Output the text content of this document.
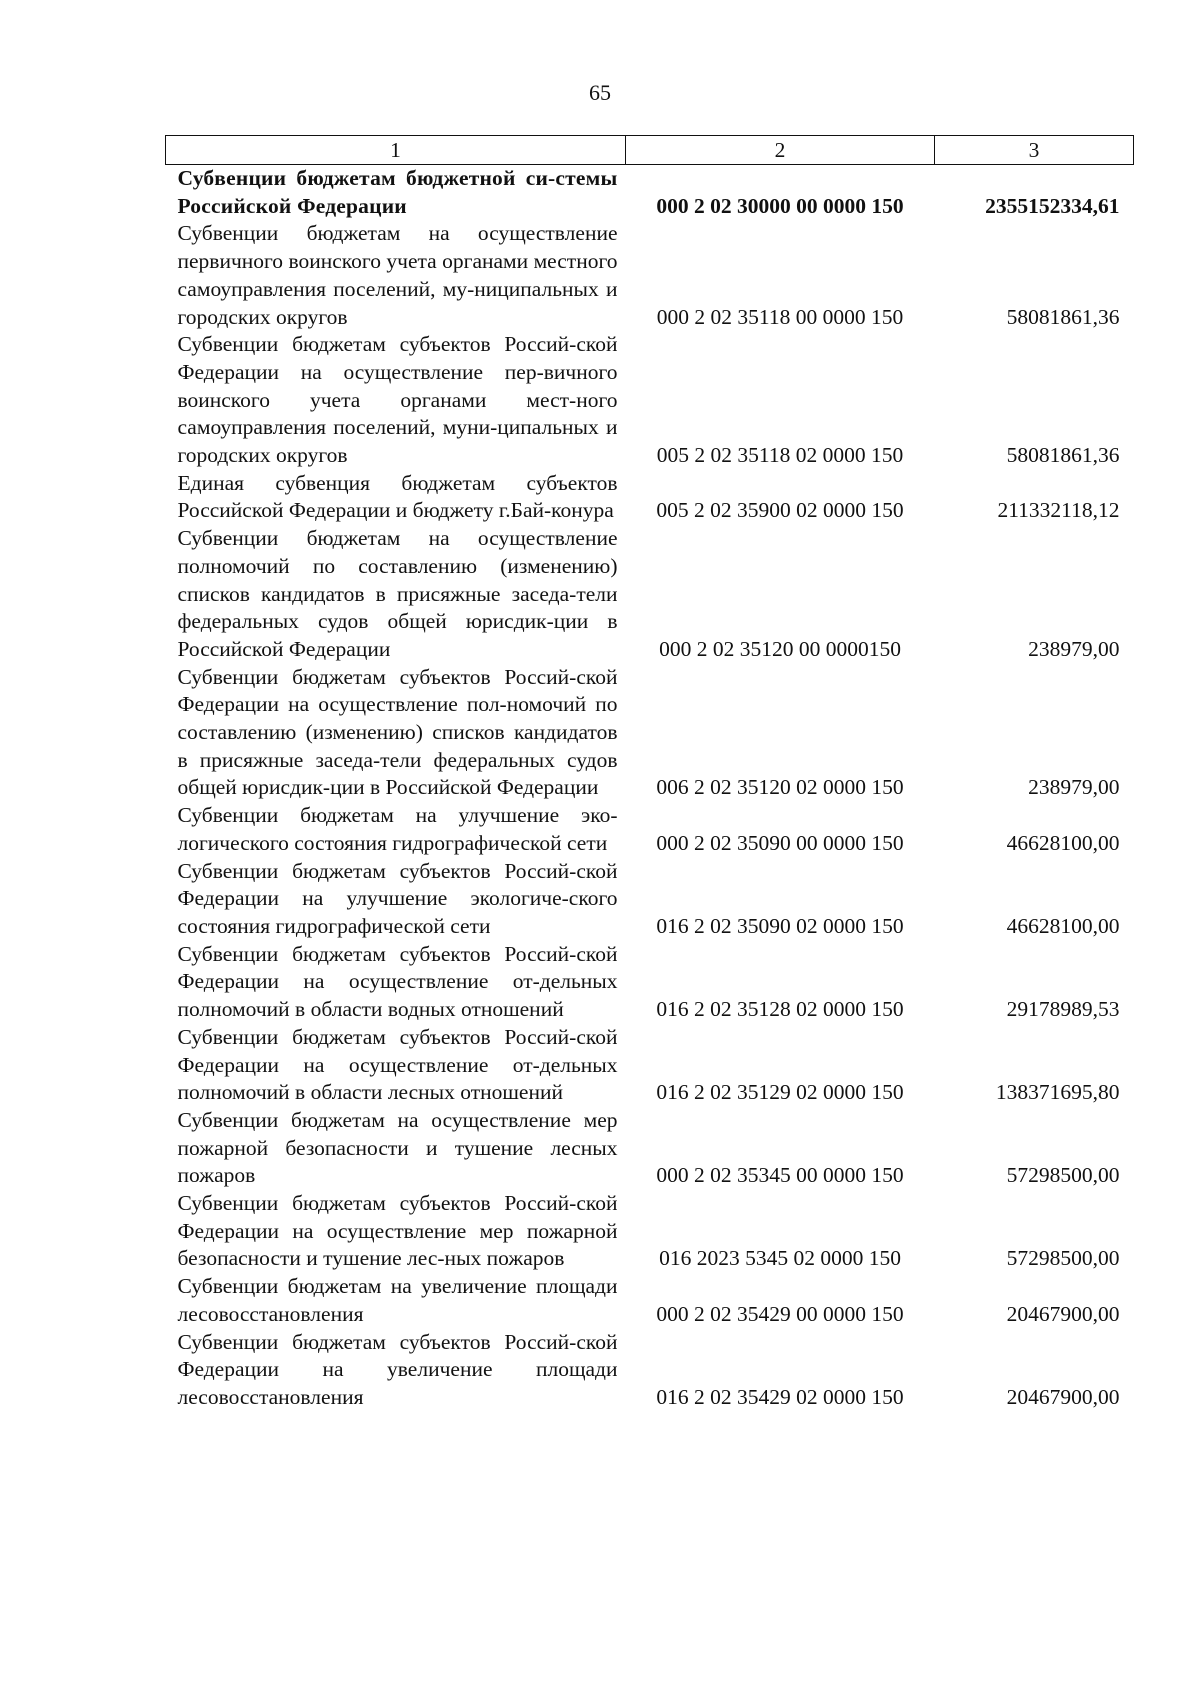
65
1	2	3
Субвенции бюджетам бюджетной си-стемы Российской Федерации	000 2 02 30000 00 0000 150	2355152334,61
Субвенции бюджетам на осуществление первичного воинского учета органами местного самоуправления поселений, му-ниципальных и городских округов	000 2 02 35118 00 0000 150	58081861,36
Субвенции бюджетам субъектов Россий-ской Федерации на осуществление пер-вичного воинского учета органами мест-ного самоуправления поселений, муни-ципальных и городских округов	005 2 02 35118 02 0000 150	58081861,36
Единая субвенция бюджетам субъектов Российской Федерации и бюджету г.Бай-конура	005 2 02 35900 02 0000 150	211332118,12
Субвенции бюджетам на осуществление полномочий по составлению (изменению) списков кандидатов в присяжные заседа-тели федеральных судов общей юрисдик-ции в Российской Федерации	000 2 02 35120 00 0000150	238979,00
Субвенции бюджетам субъектов Россий-ской Федерации на осуществление пол-номочий по составлению (изменению) списков кандидатов в присяжные заседа-тели федеральных судов общей юрисдик-ции в Российской Федерации	006 2 02 35120 02 0000 150	238979,00
Субвенции бюджетам на улучшение эко-логического состояния гидрографической сети	000 2 02 35090 00 0000 150	46628100,00
Субвенции бюджетам субъектов Россий-ской Федерации на улучшение экологиче-ского состояния гидрографической сети	016 2 02 35090 02 0000 150	46628100,00
Субвенции бюджетам субъектов Россий-ской Федерации на осуществление от-дельных полномочий в области водных отношений	016 2 02 35128 02 0000 150	29178989,53
Субвенции бюджетам субъектов Россий-ской Федерации на осуществление от-дельных полномочий в области лесных отношений	016 2 02 35129 02 0000 150	138371695,80
Субвенции бюджетам на осуществление мер пожарной безопасности и тушение лесных пожаров	000 2 02 35345 00 0000 150	57298500,00
Субвенции бюджетам субъектов Россий-ской Федерации на осуществление мер пожарной безопасности и тушение лес-ных пожаров	016 2023 5345 02 0000 150	57298500,00
Субвенции бюджетам на увеличение площади лесовосстановления	000 2 02 35429 00 0000 150	20467900,00
Субвенции бюджетам субъектов Россий-ской Федерации на увеличение площади лесовосстановления	016 2 02 35429 02 0000 150	20467900,00
